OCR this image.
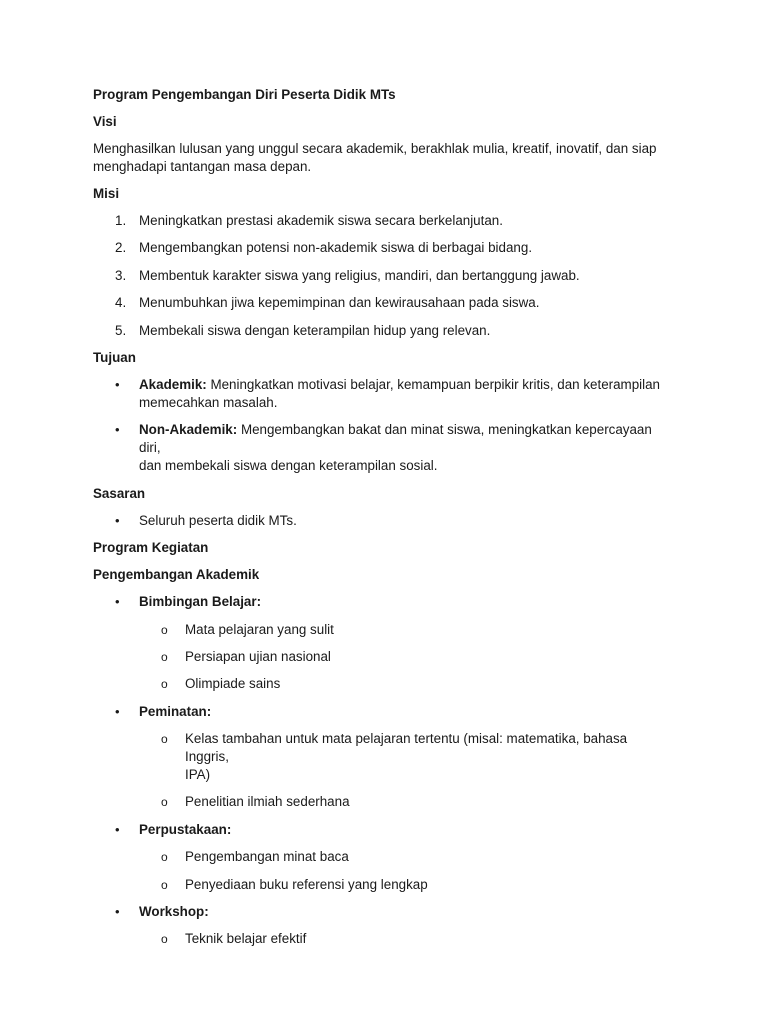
Program Pengembangan Diri Peserta Didik MTs
Visi
Menghasilkan lulusan yang unggul secara akademik, berakhlak mulia, kreatif, inovatif, dan siap
menghadapi tantangan masa depan.
Misi
1. Meningkatkan prestasi akademik siswa secara berkelanjutan.
2. Mengembangkan potensi non-akademik siswa di berbagai bidang.
3. Membentuk karakter siswa yang religius, mandiri, dan bertanggung jawab.
4. Menumbuhkan jiwa kepemimpinan dan kewirausahaan pada siswa.
5. Membekali siswa dengan keterampilan hidup yang relevan.
Tujuan
• Akademik: Meningkatkan motivasi belajar, kemampuan berpikir kritis, dan keterampilan
memecahkan masalah.
• Non-Akademik: Mengembangkan bakat dan minat siswa, meningkatkan kepercayaan diri,
dan membekali siswa dengan keterampilan sosial.
Sasaran
• Seluruh peserta didik MTs.
Program Kegiatan
Pengembangan Akademik
• Bimbingan Belajar:
o Mata pelajaran yang sulit
o Persiapan ujian nasional
o Olimpiade sains
• Peminatan:
o Kelas tambahan untuk mata pelajaran tertentu (misal: matematika, bahasa Inggris,
IPA)
o Penelitian ilmiah sederhana
• Perpustakaan:
o Pengembangan minat baca
o Penyediaan buku referensi yang lengkap
• Workshop:
o Teknik belajar efektif
